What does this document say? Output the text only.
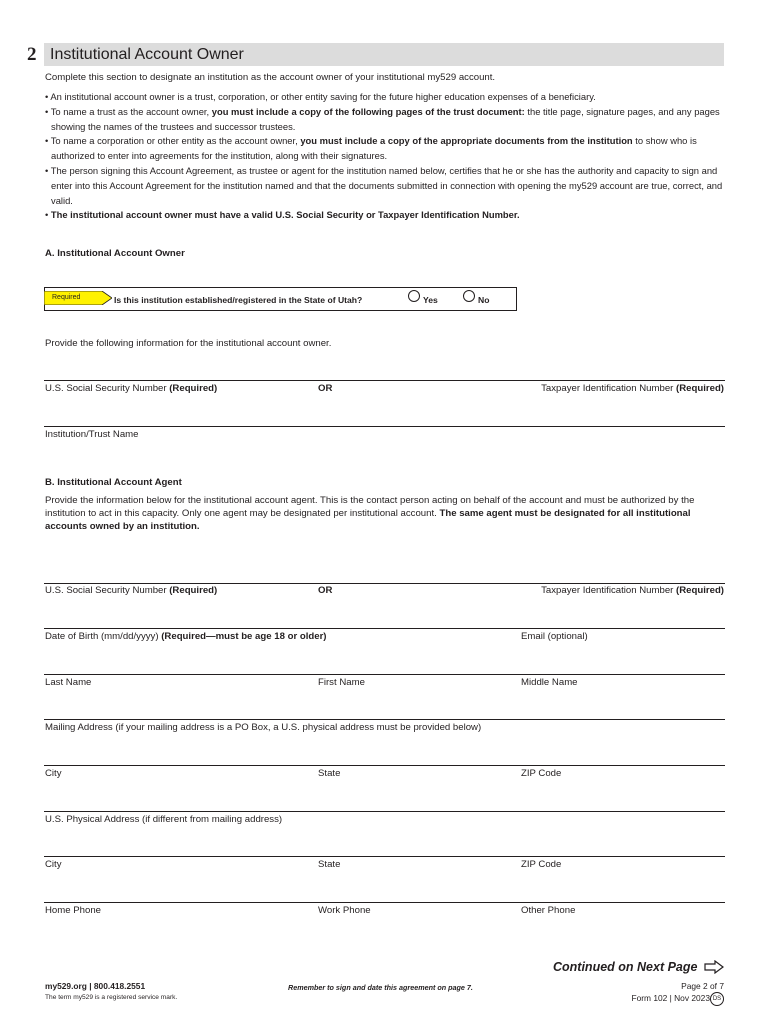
2 Institutional Account Owner
Complete this section to designate an institution as the account owner of your institutional my529 account.
• An institutional account owner is a trust, corporation, or other entity saving for the future higher education expenses of a beneficiary.
• To name a trust as the account owner, you must include a copy of the following pages of the trust document: the title page, signature pages, and any pages showing the names of the trustees and successor trustees.
• To name a corporation or other entity as the account owner, you must include a copy of the appropriate documents from the institution to show who is authorized to enter into agreements for the institution, along with their signatures.
• The person signing this Account Agreement, as trustee or agent for the institution named below, certifies that he or she has the authority and capacity to sign and enter into this Account Agreement for the institution named and that the documents submitted in connection with opening the my529 account are true, correct, and valid.
• The institutional account owner must have a valid U.S. Social Security or Taxpayer Identification Number.
A. Institutional Account Owner
Required	Is this institution established/registered in the State of Utah?	Yes	No
Provide the following information for the institutional account owner.
U.S. Social Security Number (Required)	OR	Taxpayer Identification Number (Required)
Institution/Trust Name
B. Institutional Account Agent
Provide the information below for the institutional account agent. This is the contact person acting on behalf of the account and must be authorized by the institution to act in this capacity. Only one agent may be designated per institutional account. The same agent must be designated for all institutional accounts owned by an institution.
U.S. Social Security Number (Required)	OR	Taxpayer Identification Number (Required)
Date of Birth (mm/dd/yyyy) (Required—must be age 18 or older)	Email (optional)
Last Name	First Name	Middle Name
Mailing Address (if your mailing address is a PO Box, a U.S. physical address must be provided below)
City	State	ZIP Code
U.S. Physical Address (if different from mailing address)
City	State	ZIP Code
Home Phone	Work Phone	Other Phone
Continued on Next Page
my529.org | 800.418.2551
The term my529 is a registered service mark.
Remember to sign and date this agreement on page 7.	Page 2 of 7
Form 102 | Nov 2023 DS
